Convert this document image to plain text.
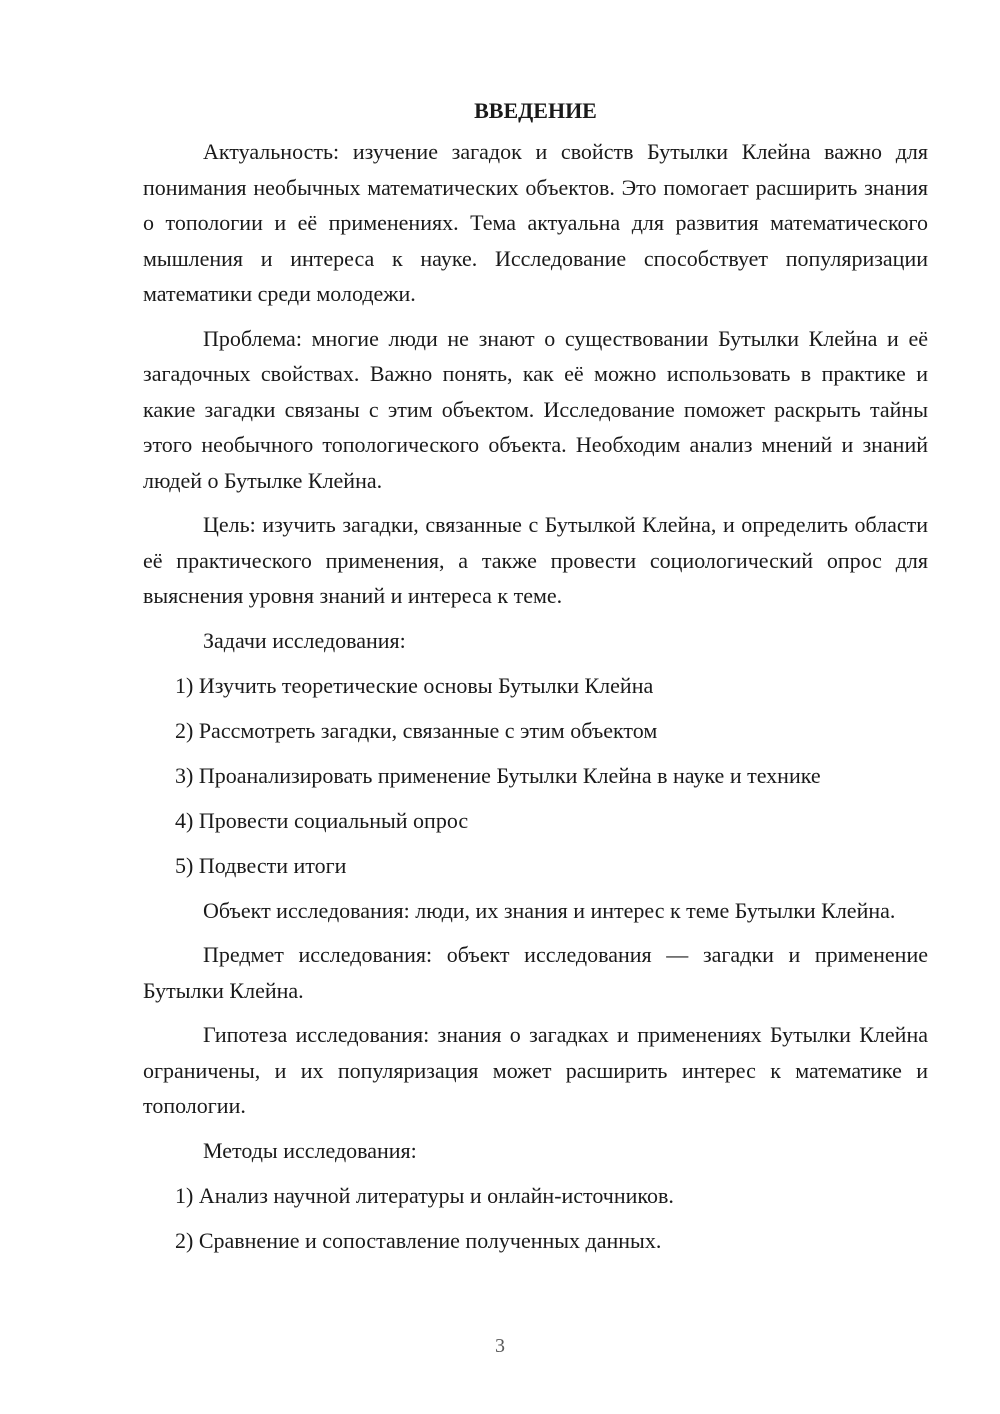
ВВЕДЕНИЕ

Актуальность: изучение загадок и свойств Бутылки Клейна важно для понимания необычных математических объектов. Это помогает расширить знания о топологии и её применениях. Тема актуальна для развития математического мышления и интереса к науке. Исследование способствует популяризации математики среди молодежи.

Проблема: многие люди не знают о существовании Бутылки Клейна и её загадочных свойствах. Важно понять, как её можно использовать в практике и какие загадки связаны с этим объектом. Исследование поможет раскрыть тайны этого необычного топологического объекта. Необходим анализ мнений и знаний людей о Бутылке Клейна.

Цель: изучить загадки, связанные с Бутылкой Клейна, и определить области её практического применения, а также провести социологический опрос для выяснения уровня знаний и интереса к теме.

Задачи исследования:
1) Изучить теоретические основы Бутылки Клейна
2) Рассмотреть загадки, связанные с этим объектом
3) Проанализировать применение Бутылки Клейна в науке и технике
4) Провести социальный опрос
5) Подвести итоги

Объект исследования: люди, их знания и интерес к теме Бутылки Клейна.

Предмет исследования: объект исследования — загадки и применение Бутылки Клейна.

Гипотеза исследования: знания о загадках и применениях Бутылки Клейна ограничены, и их популяризация может расширить интерес к математике и топологии.

Методы исследования:
1) Анализ научной литературы и онлайн-источников.
2) Сравнение и сопоставление полученных данных.
3
